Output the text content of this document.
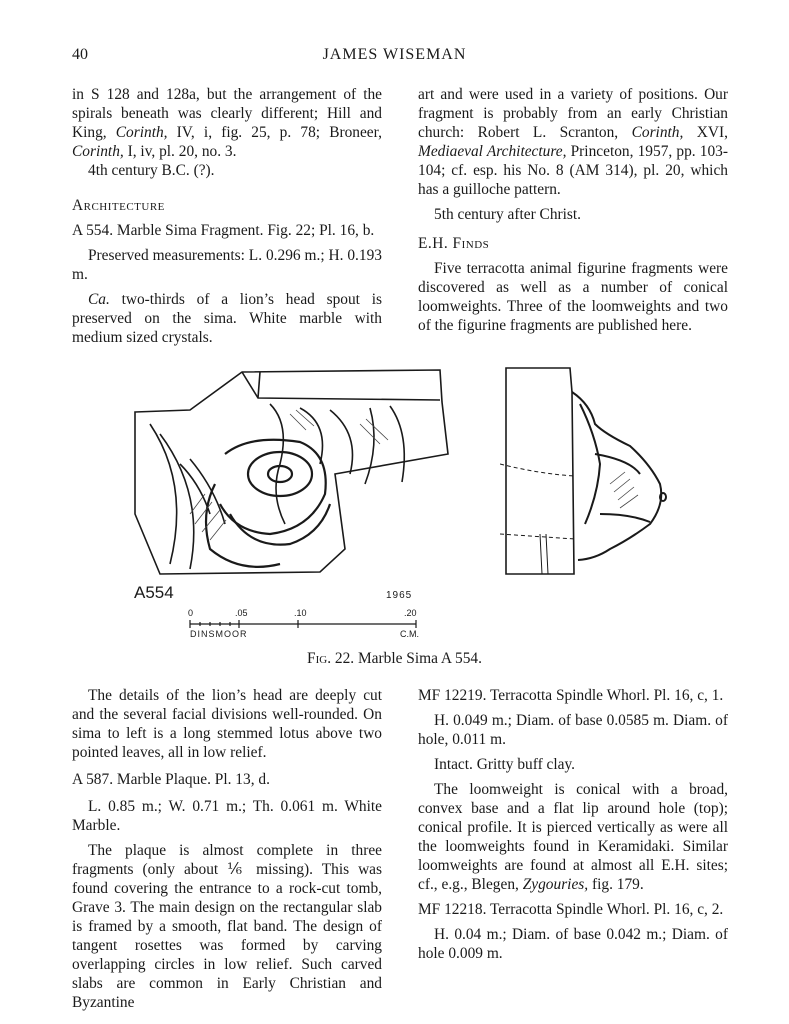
40	JAMES WISEMAN

in S 128 and 128a, but the arrangement of the spirals beneath was clearly different; Hill and King, Corinth, IV, i, fig. 25, p. 78; Broneer, Corinth, I, iv, pl. 20, no. 3.

4th century B.C. (?).

Architecture

A 554. Marble Sima Fragment. Fig. 22; Pl. 16, b.

Preserved measurements: L. 0.296 m.; H. 0.193 m.

Ca. two-thirds of a lion’s head spout is preserved on the sima. White marble with medium sized crystals.

art and were used in a variety of positions. Our fragment is probably from an early Christian church: Robert L. Scranton, Corinth, XVI, Mediaeval Architecture, Princeton, 1957, pp. 103-104; cf. esp. his No. 8 (AM 314), pl. 20, which has a guilloche pattern.

5th century after Christ.

E.H. Finds

Five terracotta animal figurine fragments were discovered as well as a number of conical loomweights. Three of the loomweights and two of the figurine fragments are published here.

A554	1965
0	.05	.10	.20
DINSMOOR	C.M.
Fig. 22. Marble Sima A 554.

The details of the lion’s head are deeply cut and the several facial divisions well-rounded. On sima to left is a long stemmed lotus above two pointed leaves, all in low relief.

A 587. Marble Plaque. Pl. 13, d.

L. 0.85 m.; W. 0.71 m.; Th. 0.061 m. White Marble.

The plaque is almost complete in three fragments (only about ⅙ missing). This was found covering the entrance to a rock-cut tomb, Grave 3. The main design on the rectangular slab is framed by a smooth, flat band. The design of tangent rosettes was formed by carving overlapping circles in low relief. Such carved slabs are common in Early Christian and Byzantine

MF 12219. Terracotta Spindle Whorl. Pl. 16, c, 1.

H. 0.049 m.; Diam. of base 0.0585 m. Diam. of hole, 0.011 m.

Intact. Gritty buff clay.

The loomweight is conical with a broad, convex base and a flat lip around hole (top); conical profile. It is pierced vertically as were all the loomweights found in Keramidaki. Similar loomweights are found at almost all E.H. sites; cf., e.g., Blegen, Zygouries, fig. 179.

MF 12218. Terracotta Spindle Whorl. Pl. 16, c, 2.

H. 0.04 m.; Diam. of base 0.042 m.; Diam. of hole 0.009 m.
